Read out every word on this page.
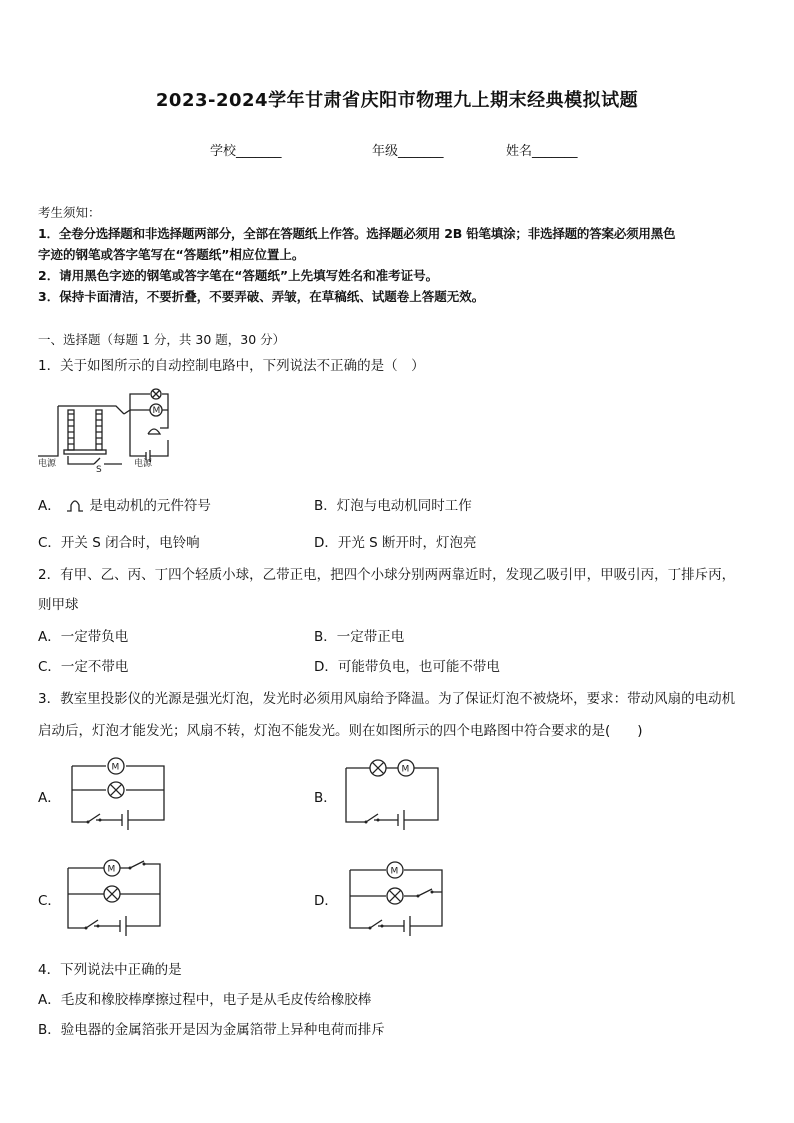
2023-2024学年甘肃省庆阳市物理九上期末经典模拟试题
学校_______	年级_______	姓名_______
考生须知：
1．全卷分选择题和非选择题两部分，全部在答题纸上作答。选择题必须用 2B 铅笔填涂；非选择题的答案必须用黑色
字迹的钢笔或答字笔写在“答题纸”相应位置上。
2．请用黑色字迹的钢笔或答字笔在“答题纸”上先填写姓名和准考证号。
3．保持卡面清洁，不要折叠，不要弄破、弄皱，在草稿纸、试题卷上答题无效。
一、选择题（每题 1 分，共 30 题，30 分）
1．关于如图所示的自动控制电路中，下列说法不正确的是（　）
M
电源
S
电源
A． 是电动机的元件符号	B．灯泡与电动机同时工作
C．开关 S 闭合时，电铃响	D．开光 S 断开时，灯泡亮
2．有甲、乙、丙、丁四个轻质小球，乙带正电，把四个小球分别两两靠近时，发现乙吸引甲，甲吸引丙，丁排斥丙，
则甲球
A．一定带负电	B．一定带正电
C．一定不带电	D．可能带负电，也可能不带电
3．教室里投影仪的光源是强光灯泡，发光时必须用风扇给予降温。为了保证灯泡不被烧坏，要求：带动风扇的电动机
启动后，灯泡才能发光；风扇不转，灯泡不能发光。则在如图所示的四个电路图中符合要求的是(　　)
A．
M
B．
M
C．
M
D．
M
4．下列说法中正确的是
A．毛皮和橡胶棒摩擦过程中，电子是从毛皮传给橡胶棒
B．验电器的金属箔张开是因为金属箔带上异种电荷而排斥
